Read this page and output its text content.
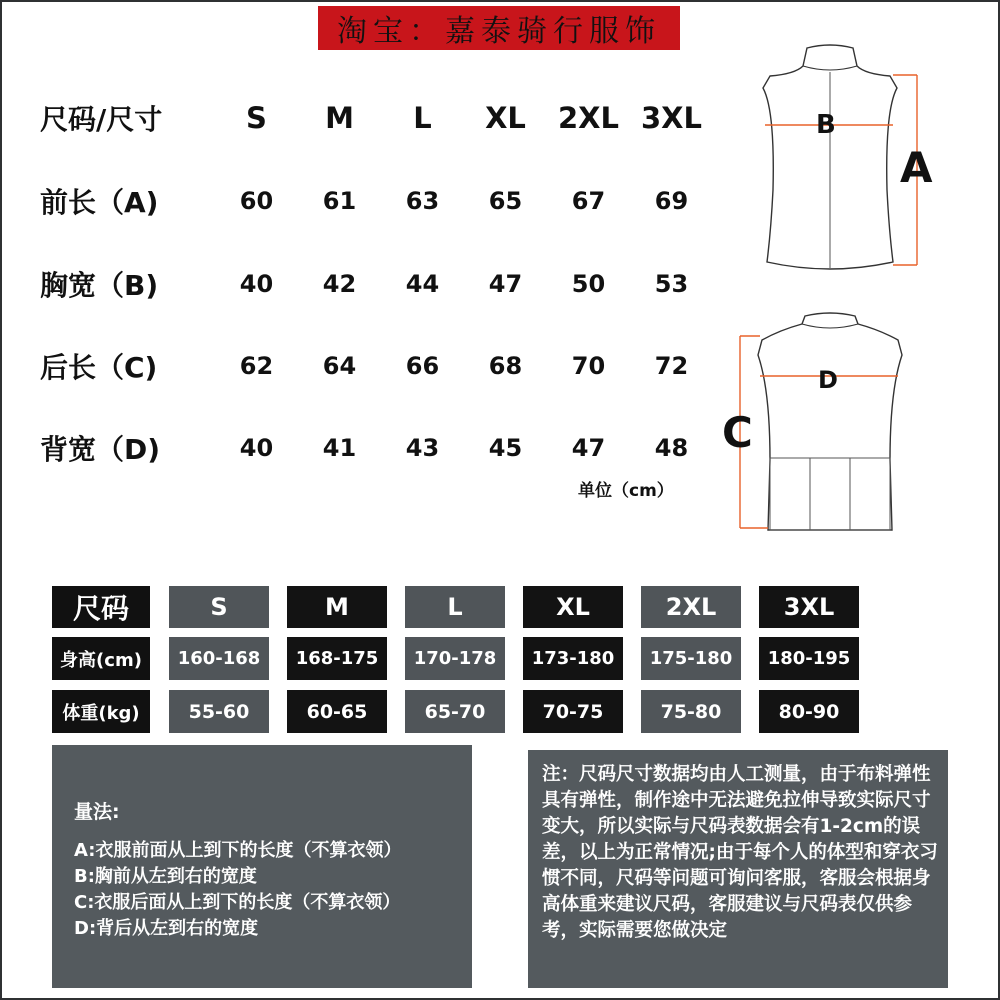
淘宝：嘉泰骑行服饰
尺码/尺寸	S	M	L	XL	2XL 3XL
前长（A)	60	61	63	65	67	69
胸宽（B)	40	42	44	47	50	53
后长（C)	62	64	66	68	70	72
背宽（D)	40	41	43	45	47	48
单位（cm）
B
A
D
C
尺码	S	M	L	XL	2XL	3XL
身高(cm)	160-168	168-175	170-178	173-180	175-180	180-195
体重(kg)	55-60	60-65	65-70	70-75	75-80	80-90
量法:
A:衣服前面从上到下的长度（不算衣领）
B:胸前从左到右的宽度
C:衣服后面从上到下的长度（不算衣领）
D:背后从左到右的宽度
注：尺码尺寸数据均由人工测量，由于布料弹性具有弹性，制作途中无法避免拉伸导致实际尺寸变大，所以实际与尺码表数据会有1-2cm的误差，以上为正常情况;由于每个人的体型和穿衣习惯不同，尺码等问题可询问客服，客服会根据身高体重来建议尺码，客服建议与尺码表仅供参考，实际需要您做决定
